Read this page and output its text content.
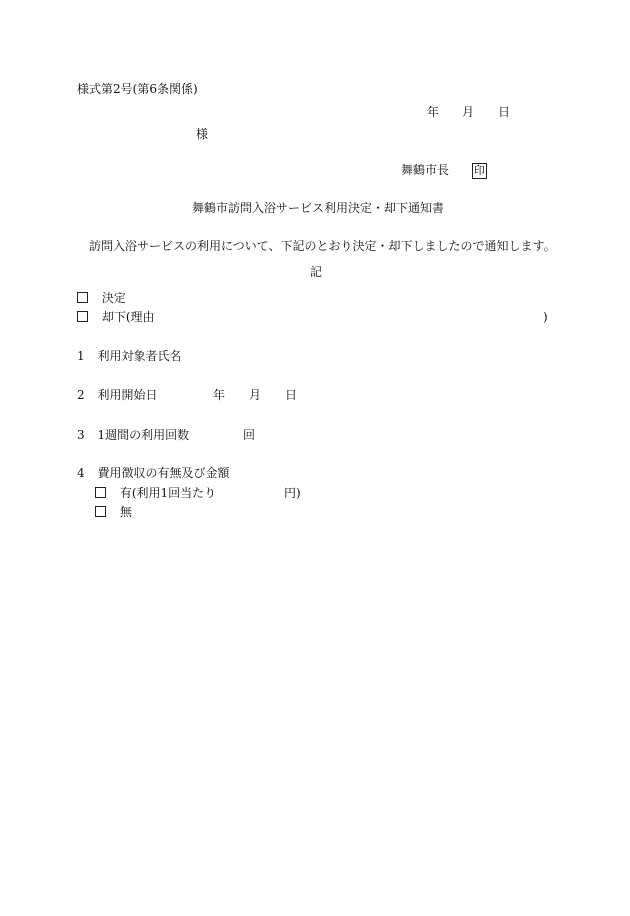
様式第2号(第6条関係)
年 月 日
様
舞鶴市長 印
舞鶴市訪問入浴サービス利用決定・却下通知書
訪問入浴サービスの利用について、下記のとおり決定・却下しましたので通知します。
記
決定
却下(理由	)
1 利用対象者氏名
2 利用開始日	年 月 日
3 1週間の利用回数	回
4 費用徴収の有無及び金額
有(利用1回当たり	円)
無
